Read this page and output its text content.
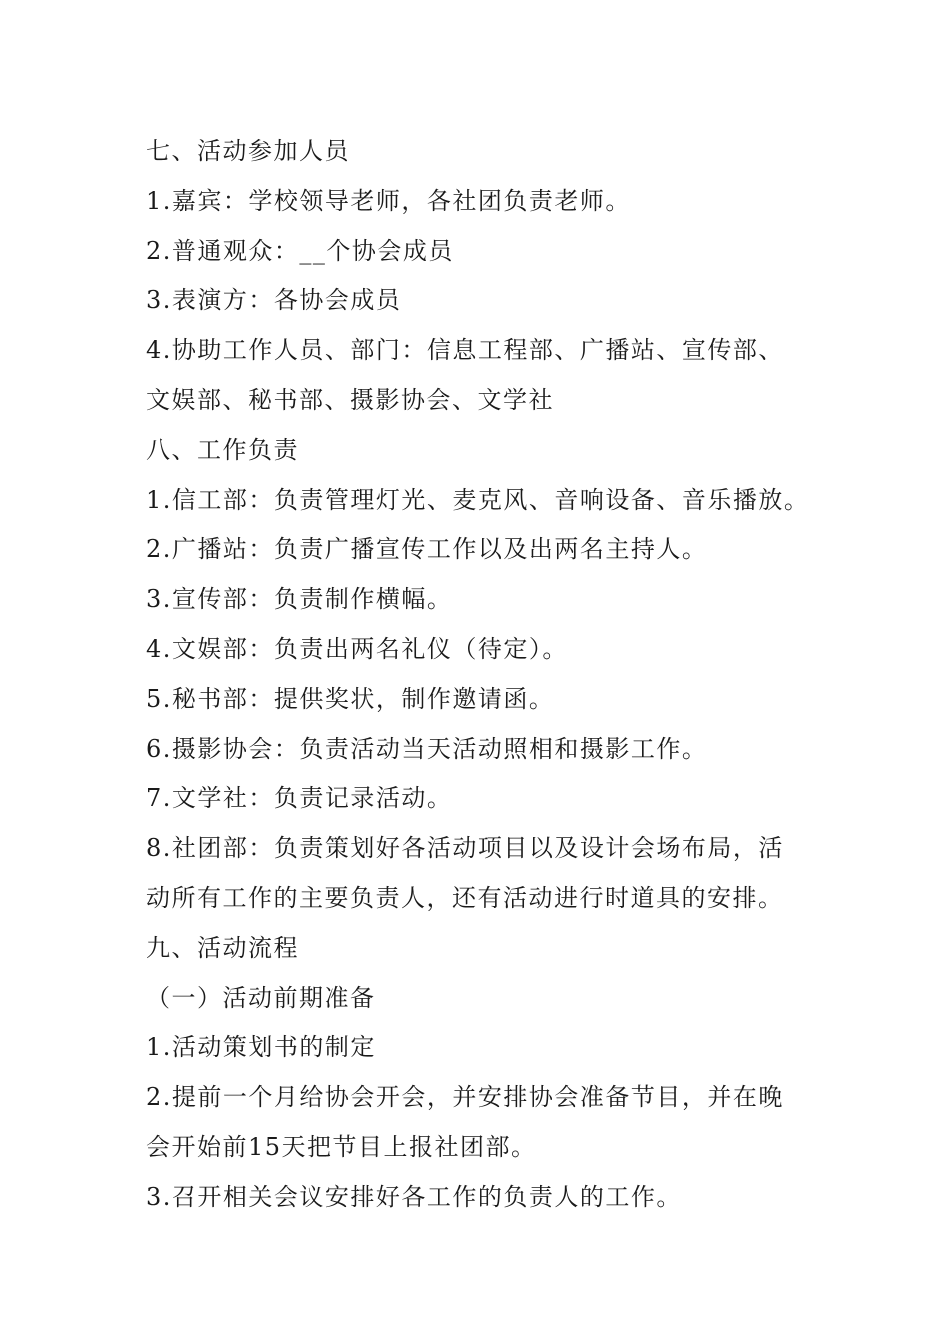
七、活动参加人员
1.嘉宾：学校领导老师，各社团负责老师。
2.普通观众：__个协会成员
3.表演方：各协会成员
4.协助工作人员、部门：信息工程部、广播站、宣传部、
文娱部、秘书部、摄影协会、文学社
八、工作负责
1.信工部：负责管理灯光、麦克风、音响设备、音乐播放。
2.广播站：负责广播宣传工作以及出两名主持人。
3.宣传部：负责制作横幅。
4.文娱部：负责出两名礼仪（待定）。
5.秘书部：提供奖状，制作邀请函。
6.摄影协会：负责活动当天活动照相和摄影工作。
7.文学社：负责记录活动。
8.社团部：负责策划好各活动项目以及设计会场布局，活
动所有工作的主要负责人，还有活动进行时道具的安排。
九、活动流程
（一）活动前期准备
1.活动策划书的制定
2.提前一个月给协会开会，并安排协会准备节目，并在晚
会开始前15天把节目上报社团部。
3.召开相关会议安排好各工作的负责人的工作。
